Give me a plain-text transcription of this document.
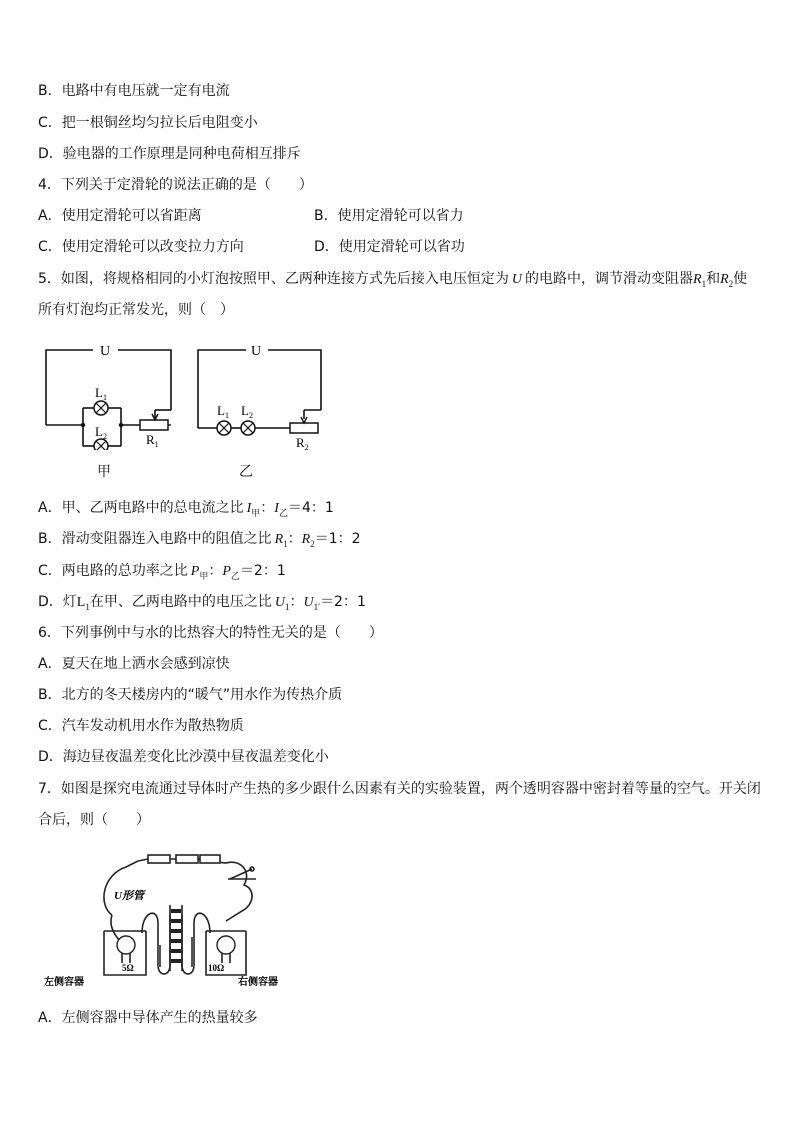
B．电路中有电压就一定有电流
C．把一根铜丝均匀拉长后电阻变小
D．验电器的工作原理是同种电荷相互排斥
4．下列关于定滑轮的说法正确的是（　　）
A．使用定滑轮可以省距离	B．使用定滑轮可以省力
C．使用定滑轮可以改变拉力方向	D．使用定滑轮可以省功
5．如图，将规格相同的小灯泡按照甲、乙两种连接方式先后接入电压恒定为 U 的电路中，调节滑动变阻器$R_1$和$R_2$使
所有灯泡均正常发光，则（　）
U	U
$L_1$
$L_2$	$R_1$
$L_1$ $L_2$
$R_2$
甲	乙
A．甲、乙两电路中的总电流之比 $I_甲$：$I_乙=4$：1
B．滑动变阻器连入电路中的阻值之比 $R_1$：$R_2=1$：2
C．两电路的总功率之比 $P_甲$：$P_乙=2$：1
D．灯$L_1$在甲、乙两电路中的电压之比 $U_1$：$U_{1'}=2$：1
6．下列事例中与水的比热容大的特性无关的是（　　）
A．夏天在地上洒水会感到凉快
B．北方的冬天楼房内的“暖气”用水作为传热介质
C．汽车发动机用水作为散热物质
D．海边昼夜温差变化比沙漠中昼夜温差变化小
7．如图是探究电流通过导体时产生热的多少跟什么因素有关的实验装置，两个透明容器中密封着等量的空气。开关闭
合后，则（　　）
U形管
5Ω	10Ω
左侧容器	右侧容器
A．左侧容器中导体产生的热量较多
